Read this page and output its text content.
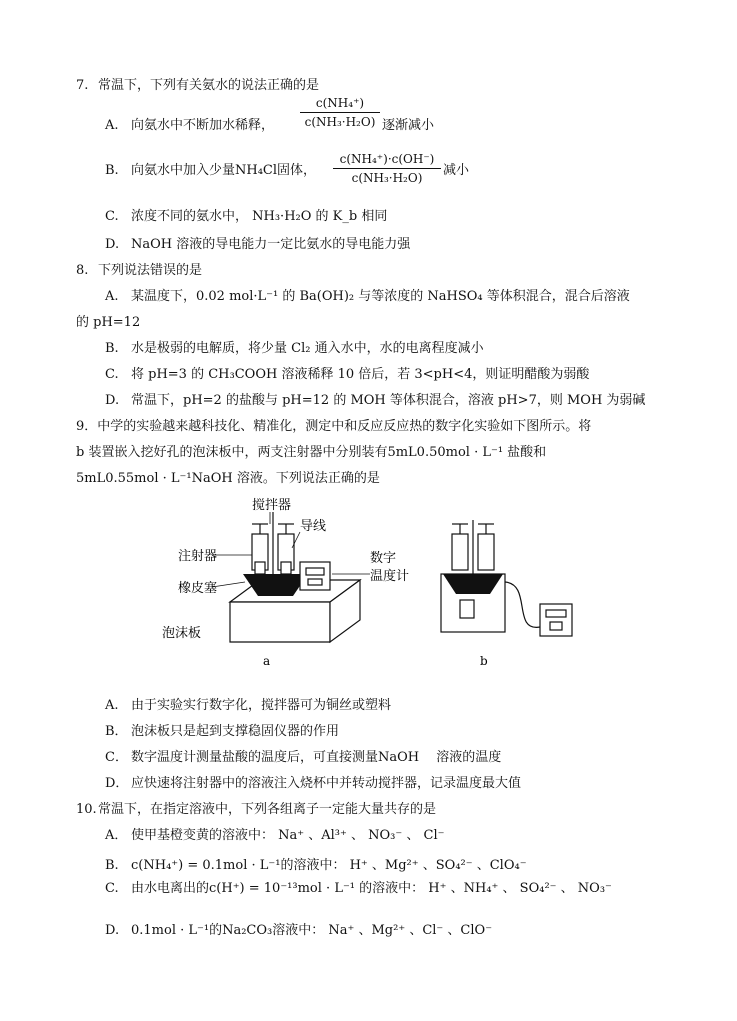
7. 常温下，下列有关氨水的说法正确的是
A. 向氨水中不断加水稀释，
c(NH₄⁺)
c(NH₃·H₂O) 逐渐减小
B. 向氨水中加入少量NH₄Cl固体，
c(NH₄⁺)·c(OH⁻)
c(NH₃·H₂O)	减小
C. 浓度不同的氨水中， NH₃·H₂O 的 K_b 相同
D. NaOH 溶液的导电能力一定比氨水的导电能力强
8. 下列说法错误的是
A. 某温度下，0.02 mol·L⁻¹ 的 Ba(OH)₂ 与等浓度的 NaHSO₄ 等体积混合，混合后溶液
的 pH=12
B. 水是极弱的电解质，将少量 Cl₂ 通入水中，水的电离程度减小
C. 将 pH=3 的 CH₃COOH 溶液稀释 10 倍后，若 3<pH<4，则证明醋酸为弱酸
D. 常温下，pH=2 的盐酸与 pH=12 的 MOH 等体积混合，溶液 pH>7，则 MOH 为弱碱
9．中学的实验越来越科技化、精准化，测定中和反应反应热的数字化实验如下图所示。将
b 装置嵌入挖好孔的泡沫板中，两支注射器中分别装有5mL0.50mol · L⁻¹ 盐酸和
5mL0.55mol · L⁻¹NaOH 溶液。下列说法正确的是
搅拌器
导线
注射器	数字
温度计
橡皮塞
泡沫板
a	b
A. 由于实验实行数字化，搅拌器可为铜丝或塑料
B． 泡沫板只是起到支撑稳固仪器的作用
C． 数字温度计测量盐酸的温度后，可直接测量NaOH　 溶液的温度
D． 应快速将注射器中的溶液注入烧杯中并转动搅拌器，记录温度最大值
10. 常温下，在指定溶液中，下列各组离子一定能大量共存的是
A． 使甲基橙变黄的溶液中： Na⁺ 、Al³⁺ 、 NO₃⁻ 、 Cl⁻
B. c(NH₄⁺) = 0.1mol · L⁻¹的溶液中： H⁺ 、Mg²⁺ 、SO₄²⁻ 、ClO₄⁻
C. 由水电离出的c(H⁺) = 10⁻¹³mol · L⁻¹ 的溶液中： H⁺ 、NH₄⁺ 、 SO₄²⁻ 、 NO₃⁻
D. 0.1mol · L⁻¹的Na₂CO₃溶液中： Na⁺ 、Mg²⁺ 、Cl⁻ 、ClO⁻
